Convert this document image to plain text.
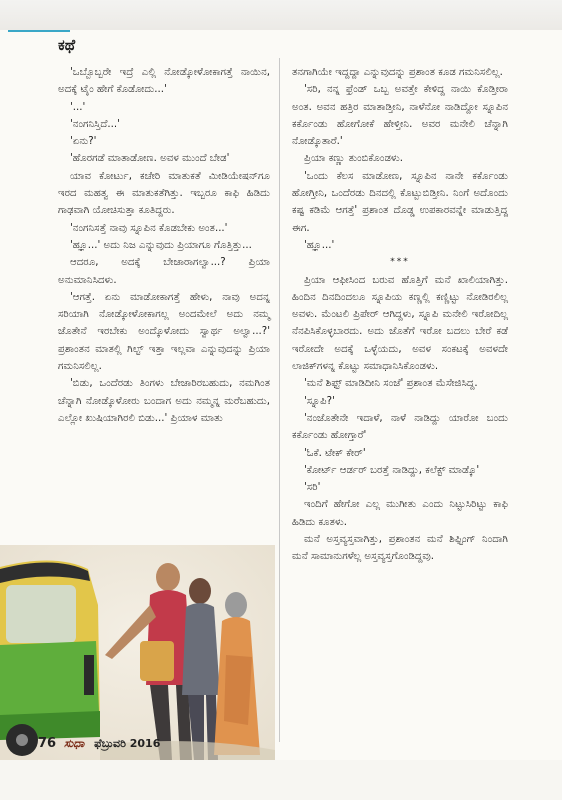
ಕಥೆ

'ಒಬ್ಬೊಬ್ಬರೇ ಇದ್ರೆ ಎಲ್ಲಿ ನೋಡ್ಕೋಳೋಕಾಗತ್ತೆ ನಾಯಿನ, ಅದಕ್ಕೆ ಟೈಂ ಹೇಗೆ ಕೊಡೋದು...'

'...'

'ನಂಗನಿಸ್ತಿದೆ...'

'ಏನು?'

'ಹೊರಗಡೆ ಮಾತಾಡೋಣ. ಅವಳ ಮುಂದೆ ಬೇಡ'

ಯಾವ ಕೋರ್ಟು, ಕಚೇರಿ ಮಾತುಕತೆ ಮೀಡಿಯೇಷನ್‌ಗೂ ಇರದ ಮಹತ್ವ ಈ ಮಾತುಕತೆಗಿತ್ತು. ಇಬ್ಬರೂ ಕಾಫಿ ಹಿಡಿದು ಗಾಢವಾಗಿ ಯೋಚಿಸುತ್ತಾ ಕೂತಿದ್ದರು.

'ನಂಗನಿಸತ್ತೆ ನಾವು ಸ್ನೂಪಿನ ಕೊಡಬೇಕು ಅಂತ...'

'ಹ್ಞೂ...' ಅದು ನಿಜ ಎನ್ನುವುದು ಪ್ರಿಯಾಗೂ ಗೊತ್ತಿತ್ತು...

ಆದರೂ, ಅದಕ್ಕೆ ಬೇಜಾರಾಗಲ್ವಾ...? ಪ್ರಿಯಾ ಅನುಮಾನಿಸಿದಳು.

'ಆಗತ್ತೆ. ಏನು ಮಾಡೋಕಾಗತ್ತೆ ಹೇಳು, ನಾವು ಅದನ್ನ ಸರಿಯಾಗಿ ನೋಡ್ಕೋಳೋಕಾಗಲ್ಲ ಅಂದಮೇಲೆ ಅದು ನಮ್ಮ ಜೊತೇನೆ ಇರಬೇಕು ಅಂದ್ಕೊಳೋದು ಸ್ವಾರ್ಥ ಅಲ್ವಾ...?' ಪ್ರಶಾಂತನ ಮಾತಲ್ಲಿ ಗಿಲ್ಟ್ ಇತ್ತಾ ಇಲ್ಲವಾ ಎನ್ನುವುದನ್ನು ಪ್ರಿಯಾ ಗಮನಿಸಲಿಲ್ಲ.

'ಬಿಡು, ಒಂದೆರಡು ತಿಂಗಳು ಬೇಜಾರಿರಬಹುದು, ನಮಗಿಂತ ಚೆನ್ನಾಗಿ ನೋಡ್ಕೊಳೋರು ಬಂದಾಗ ಅದು ನಮ್ಮನ್ನ ಮರೆಬಹುದು, ಎಲ್ಲೋ ಖುಷಿಯಾಗಿರಲಿ ಬಿಡು...' ಪ್ರಿಯಾಳ ಮಾತು

ತನಗಾಗಿಯೇ ಇದ್ದದ್ದಾ ಎನ್ನುವುದನ್ನು ಪ್ರಶಾಂತ ಕೂಡ ಗಮನಿಸಲಿಲ್ಲ.

'ಸರಿ, ನನ್ನ ಫ್ರೆಂಡ್ ಒಬ್ಬ ಅವತ್ತೇ ಕೇಳಿದ್ದ ನಾಯಿ ಕೊಡ್ತೀರಾ ಅಂತ. ಅವನ ಹತ್ರಿರ ಮಾತಾಡ್ತೀನಿ, ನಾಳೆನೋ ನಾಡಿದ್ದೋ ಸ್ನೂಪಿನ ಕರ್ಕೊಂಡು ಹೋಗೋಕೆ ಹೇಳ್ತೀನಿ. ಅವರ ಮನೇಲಿ ಚೆನ್ನಾಗಿ ನೋಡ್ಕೊತಾರೆ.'

ಪ್ರಿಯಾ ಕಣ್ಣು ತುಂಬಿಕೊಂಡಳು.

'ಒಂದು ಕೆಲಸ ಮಾಡೋಣ, ಸ್ನೂಪಿನ ನಾನೇ ಕರ್ಕೊಂಡು ಹೋಗ್ತೀನಿ, ಒಂದೆರಡು ದಿನದಲ್ಲಿ ಕೊಟ್ಬುಬಿಡ್ತೀನಿ. ನಿಂಗೆ ಅದೊಂದು ಕಷ್ಟ ಕಡಿಮೆ ಆಗತ್ತೆ' ಪ್ರಶಾಂತ ದೊಡ್ಡ ಉಪಕಾರವನ್ನೇ ಮಾಡುತ್ತಿದ್ದ ಈಗ.

'ಹ್ಞೂ...'

***

ಪ್ರಿಯಾ ಆಫೀಸಿಂದ ಬರುವ ಹೊತ್ತಿಗೆ ಮನೆ ಖಾಲಿಯಾಗಿತ್ತು. ಹಿಂದಿನ ದಿನದಿಂದಲೂ ಸ್ನೂಪಿಯ ಕಣ್ಣಲ್ಲಿ ಕಣ್ಣಿಟ್ಟು ನೋಡಿರಲಿಲ್ಲ ಅವಳು. ಮೆಂಟಲಿ ಪ್ರಿಪೇರ್ ಆಗಿದ್ದಳು, ಸ್ನೂಪಿ ಮನೇಲಿ ಇರೋದಿಲ್ಲ ನೆನಪಿಸಿಕೊಳ್ಳಬಾರದು. ಅದು ಜೊತೆಗೆ ಇರೋ ಬದಲು ಬೇರೆ ಕಡೆ ಇರೋದೇ ಅದಕ್ಕೆ ಒಳ್ಳೆಯದು, ಅವಳ ಸಂಕಟಕ್ಕೆ ಅವಳದೇ ಲಾಜಿಕ್‌ಗಳನ್ನ ಕೊಟ್ಟು ಸಮಾಧಾನಿಸಿಕೊಂಡಳು.

'ಮನೆ ಶಿಫ್ಟ್ ಮಾಡಿದೀನಿ ಸಂಜೆ' ಪ್ರಶಾಂತ ಮೆಸೇಜಿಸಿದ್ದ.

'ಸ್ನೂಪಿ?'

'ನಂಜೊತೇನೇ ಇದಾಳೆ, ನಾಳೆ ನಾಡಿದ್ದು ಯಾರೋ ಬಂದು ಕರ್ಕೊಂಡು ಹೋಗ್ತಾರೆ'

'ಓಕೆ. ಟೇಕ್ ಕೇರ್'

'ಕೋರ್ಟ್ ಆರ್ಡರ್ ಬರತ್ತೆ ನಾಡಿದ್ದು, ಕಲೆಕ್ಟ್ ಮಾಡ್ಕೊ'

'ಸರಿ'

ಇಂದಿಗೆ ಹೇಗೋ ಎಲ್ಲ ಮುಗೀತು ಎಂದು ನಿಟ್ಟುಸಿರಿಟ್ಟು ಕಾಫಿ ಹಿಡಿದು ಕೂತಳು.

ಮನೆ ಅಸ್ತವ್ಯಸ್ತವಾಗಿತ್ತು, ಪ್ರಶಾಂತನ ಮನೆ ಶಿಫ್ಟಿಂಗ್ ನಿಂದಾಗಿ ಮನೆ ಸಾಮಾನುಗಳೆಲ್ಲ ಅಸ್ತವ್ಯಸ್ತಗೊಂಡಿದ್ದವು.

76 ಸುಧಾ ಫೆಬ್ರುವರಿ 2016
